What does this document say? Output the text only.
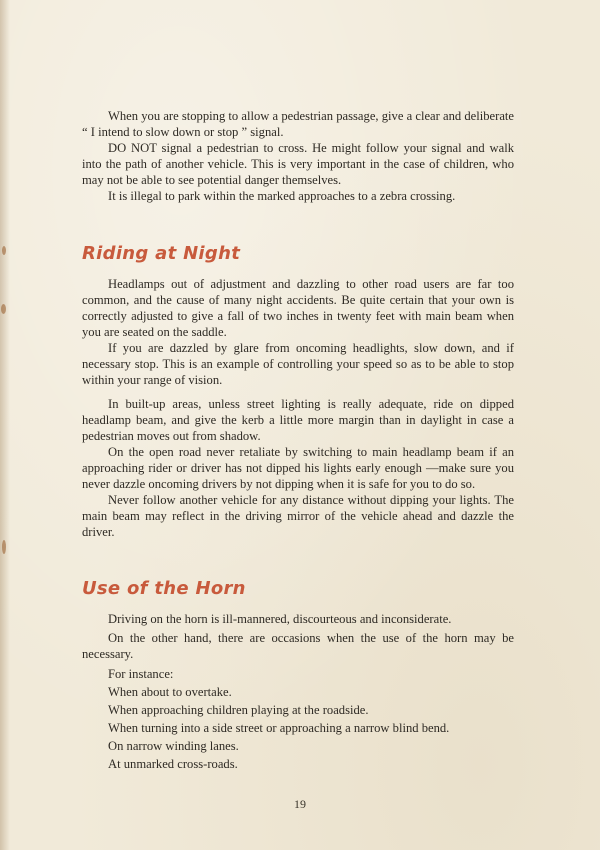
When you are stopping to allow a pedestrian passage, give a clear and deliberate “ I intend to slow down or stop ” signal.

DO NOT signal a pedestrian to cross. He might follow your signal and walk into the path of another vehicle. This is very important in the case of children, who may not be able to see potential danger themselves.

It is illegal to park within the marked approaches to a zebra crossing.

Riding at Night

Headlamps out of adjustment and dazzling to other road users are far too common, and the cause of many night accidents. Be quite certain that your own is correctly adjusted to give a fall of two inches in twenty feet with main beam when you are seated on the saddle.

If you are dazzled by glare from oncoming headlights, slow down, and if necessary stop. This is an example of controlling your speed so as to be able to stop within your range of vision.

In built-up areas, unless street lighting is really adequate, ride on dipped headlamp beam, and give the kerb a little more margin than in daylight in case a pedestrian moves out from shadow.

On the open road never retaliate by switching to main headlamp beam if an approaching rider or driver has not dipped his lights early enough —make sure you never dazzle oncoming drivers by not dipping when it is safe for you to do so.

Never follow another vehicle for any distance without dipping your lights. The main beam may reflect in the driving mirror of the vehicle ahead and dazzle the driver.

Use of the Horn

Driving on the horn is ill-mannered, discourteous and inconsiderate.

On the other hand, there are occasions when the use of the horn may be necessary.

For instance:

When about to overtake.

When approaching children playing at the roadside.

When turning into a side street or approaching a narrow blind bend.

On narrow winding lanes.

At unmarked cross-roads.

19
